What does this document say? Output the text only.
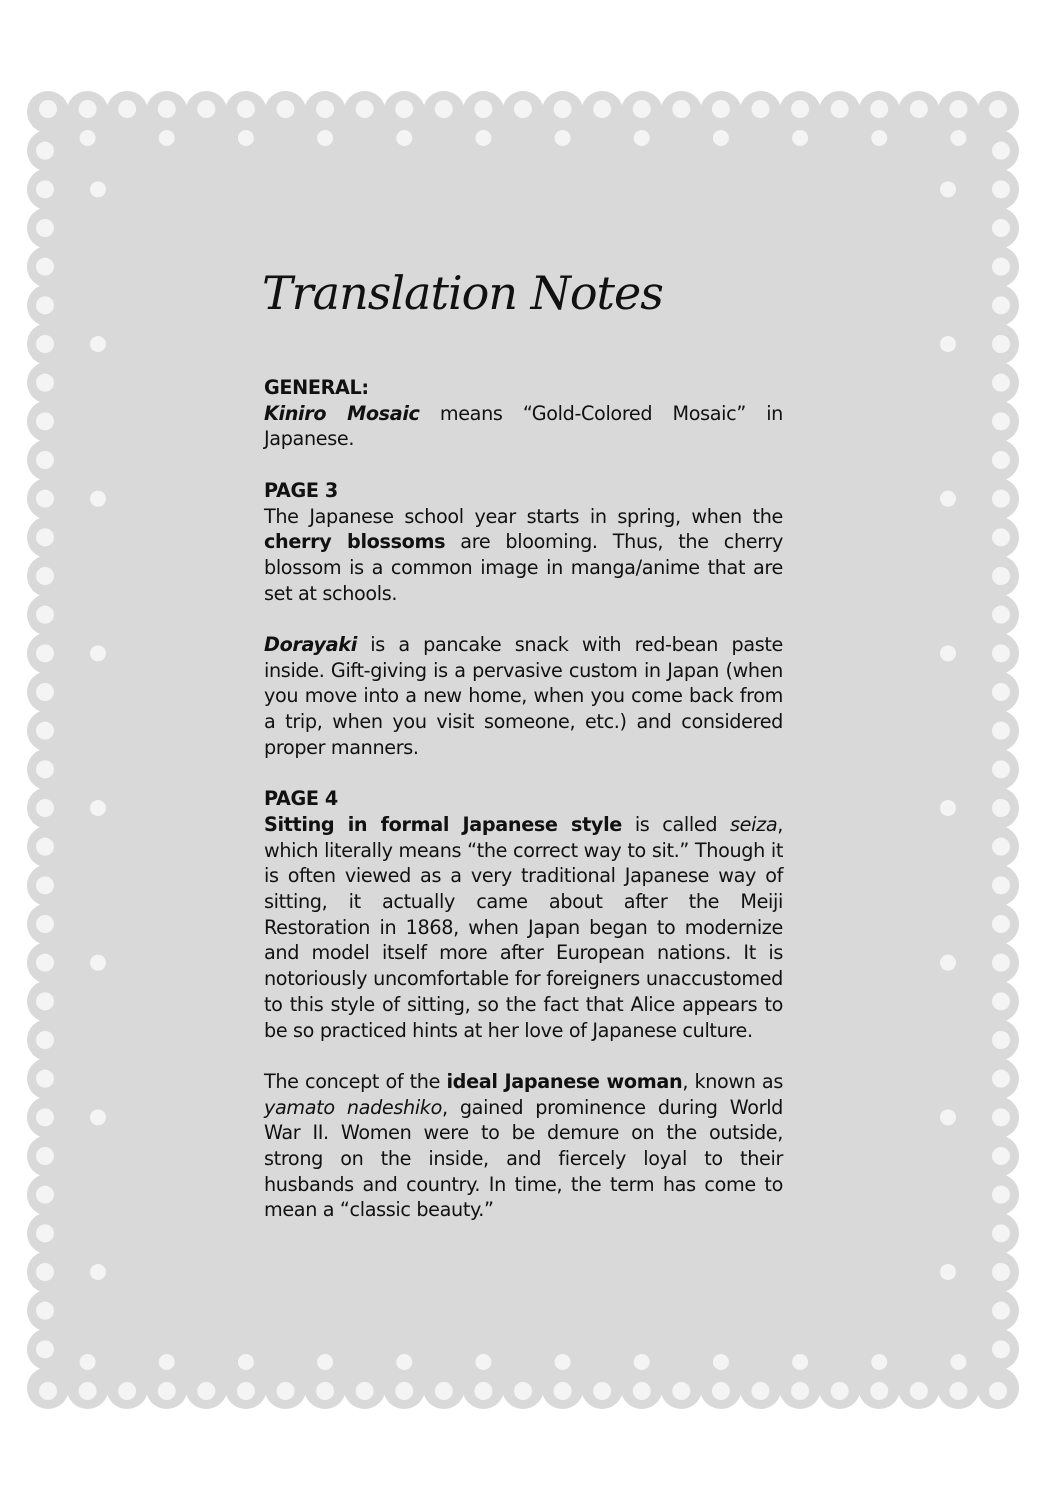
Translation Notes

GENERAL:

Kiniro Mosaic means “Gold-Colored Mosaic” in Japanese.

PAGE 3

The Japanese school year starts in spring, when the cherry blossoms are blooming. Thus, the cherry blossom is a common image in manga/anime that are set at schools.

Dorayaki is a pancake snack with red-bean paste inside. Gift-giving is a pervasive custom in Japan (when you move into a new home, when you come back from a trip, when you visit someone, etc.) and considered proper manners.

PAGE 4

Sitting in formal Japanese style is called seiza, which literally means “the correct way to sit.” Though it is often viewed as a very traditional Japanese way of sitting, it actually came about after the Meiji Restoration in 1868, when Japan began to modernize and model itself more after European nations. It is notoriously uncomfortable for foreigners unaccustomed to this style of sitting, so the fact that Alice appears to be so practiced hints at her love of Japanese culture.

The concept of the ideal Japanese woman, known as yamato nadeshiko, gained prominence during World War II. Women were to be demure on the outside, strong on the inside, and fiercely loyal to their husbands and country. In time, the term has come to mean a “classic beauty.”
